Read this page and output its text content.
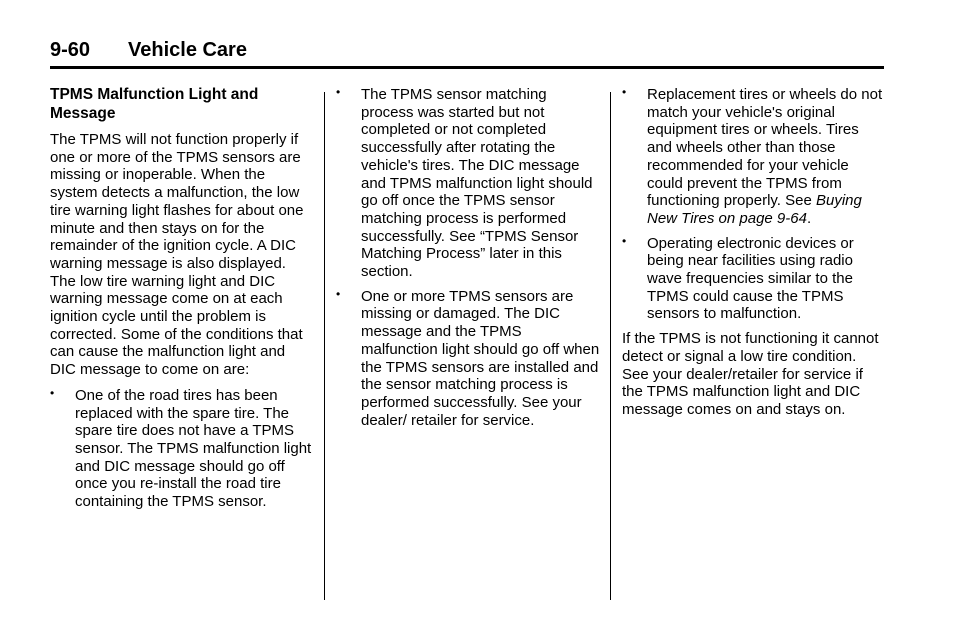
9-60 Vehicle Care
TPMS Malfunction Light and Message

The TPMS will not function properly if one or more of the TPMS sensors are missing or inoperable. When the system detects a malfunction, the low tire warning light flashes for about one minute and then stays on for the remainder of the ignition cycle. A DIC warning message is also displayed. The low tire warning light and DIC warning message come on at each ignition cycle until the problem is corrected. Some of the conditions that can cause the malfunction light and DIC message to come on are:

• One of the road tires has been replaced with the spare tire. The spare tire does not have a TPMS sensor. The TPMS malfunction light and DIC message should go off once you re-install the road tire containing the TPMS sensor.
• The TPMS sensor matching process was started but not completed or not completed successfully after rotating the vehicle's tires. The DIC message and TPMS malfunction light should go off once the TPMS sensor matching process is performed successfully. See “TPMS Sensor Matching Process” later in this section.
• One or more TPMS sensors are missing or damaged. The DIC message and the TPMS malfunction light should go off when the TPMS sensors are installed and the sensor matching process is performed successfully. See your dealer/ retailer for service.
• Replacement tires or wheels do not match your vehicle's original equipment tires or wheels. Tires and wheels other than those recommended for your vehicle could prevent the TPMS from functioning properly. See Buying New Tires on page 9-64.
• Operating electronic devices or being near facilities using radio wave frequencies similar to the TPMS could cause the TPMS sensors to malfunction.

If the TPMS is not functioning it cannot detect or signal a low tire condition. See your dealer/retailer for service if the TPMS malfunction light and DIC message comes on and stays on.
